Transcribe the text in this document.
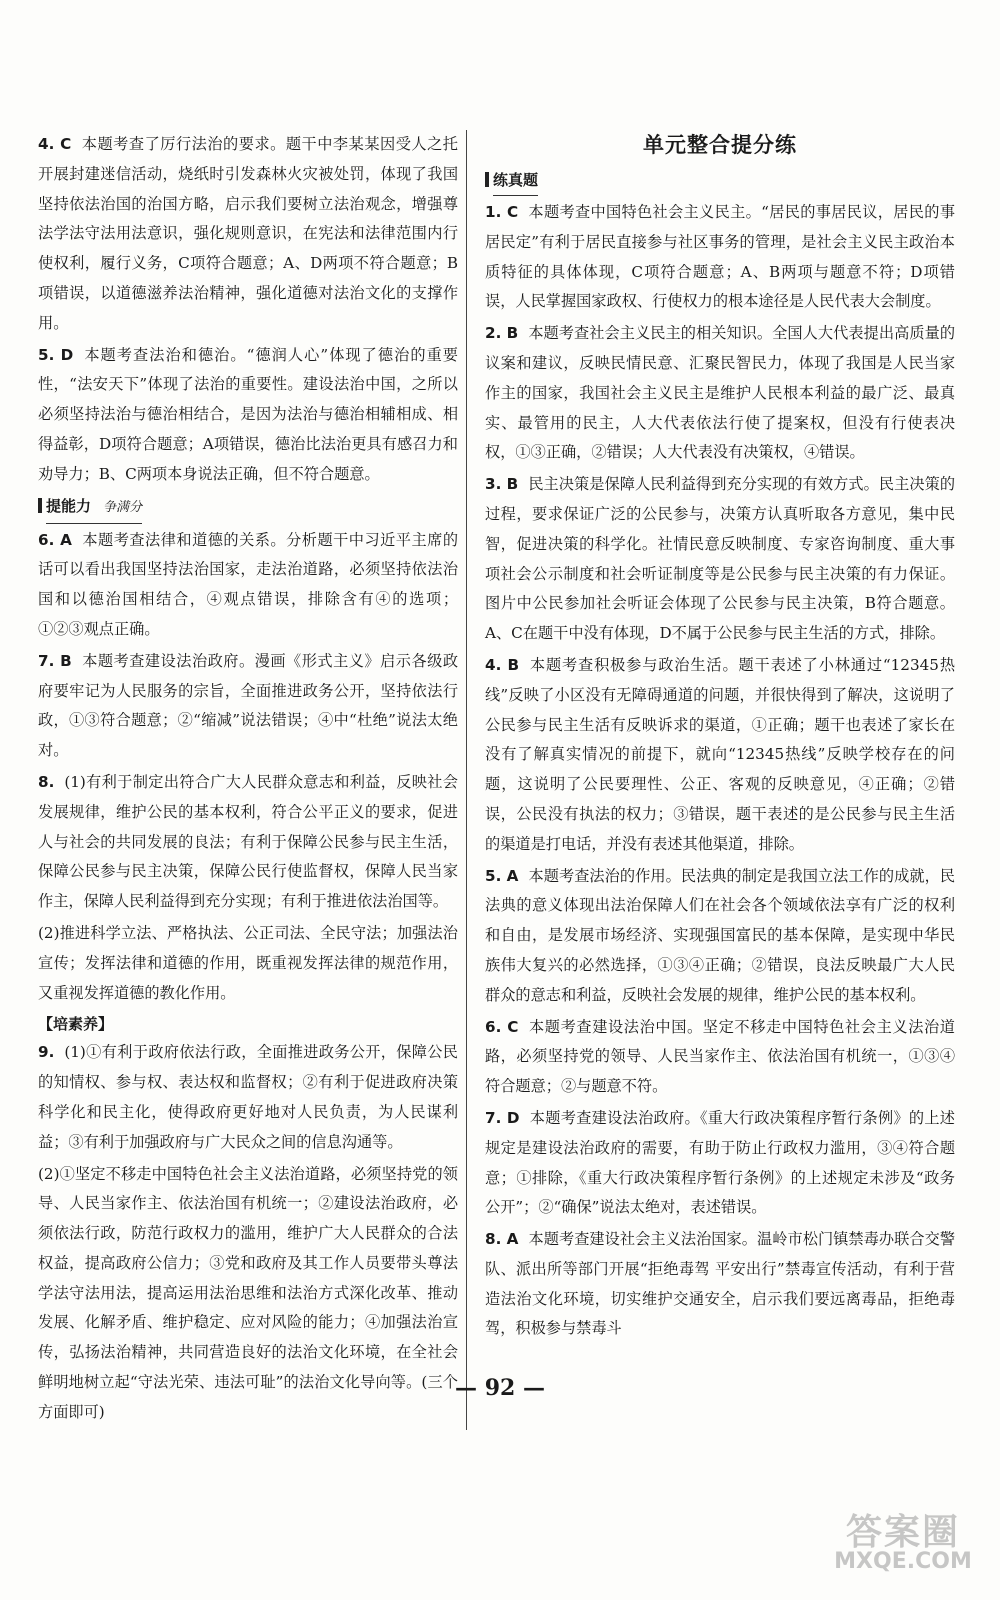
4. C 本题考查了厉行法治的要求。题干中李某某因受人之托开展封建迷信活动，烧纸时引发森林火灾被处罚，体现了我国坚持依法治国的治国方略，启示我们要树立法治观念，增强尊法学法守法用法意识，强化规则意识，在宪法和法律范围内行使权利，履行义务，C项符合题意；A、D两项不符合题意；B项错误，以道德滋养法治精神，强化道德对法治文化的支撑作用。
5. D 本题考查法治和德治。“德润人心”体现了德治的重要性，“法安天下”体现了法治的重要性。建设法治中国，之所以必须坚持法治与德治相结合，是因为法治与德治相辅相成、相得益彰，D项符合题意；A项错误，德治比法治更具有感召力和劝导力；B、C两项本身说法正确，但不符合题意。
提能力 争满分
6. A 本题考查法律和道德的关系。分析题干中习近平主席的话可以看出我国坚持法治国家，走法治道路，必须坚持依法治国和以德治国相结合，④观点错误，排除含有④的选项；①②③观点正确。
7. B 本题考查建设法治政府。漫画《形式主义》启示各级政府要牢记为人民服务的宗旨，全面推进政务公开，坚持依法行政，①③符合题意；②“缩减”说法错误；④中“杜绝”说法太绝对。
8. (1)有利于制定出符合广大人民群众意志和利益，反映社会发展规律，维护公民的基本权利，符合公平正义的要求，促进人与社会的共同发展的良法；有利于保障公民参与民主生活，保障公民参与民主决策，保障公民行使监督权，保障人民当家作主，保障人民利益得到充分实现；有利于推进依法治国等。
(2)推进科学立法、严格执法、公正司法、全民守法；加强法治宣传；发挥法律和道德的作用，既重视发挥法律的规范作用，又重视发挥道德的教化作用。
【培素养】
9. (1)①有利于政府依法行政，全面推进政务公开，保障公民的知情权、参与权、表达权和监督权；②有利于促进政府决策科学化和民主化，使得政府更好地对人民负责，为人民谋利益；③有利于加强政府与广大民众之间的信息沟通等。
(2)①坚定不移走中国特色社会主义法治道路，必须坚持党的领导、人民当家作主、依法治国有机统一；②建设法治政府，必须依法行政，防范行政权力的滥用，维护广大人民群众的合法权益，提高政府公信力；③党和政府及其工作人员要带头尊法学法守法用法，提高运用法治思维和法治方式深化改革、推动发展、化解矛盾、维护稳定、应对风险的能力；④加强法治宣传，弘扬法治精神，共同营造良好的法治文化环境，在全社会鲜明地树立起“守法光荣、违法可耻”的法治文化导向等。(三个方面即可)
单元整合提分练
练真题
1. C 本题考查中国特色社会主义民主。“居民的事居民议，居民的事居民定”有利于居民直接参与社区事务的管理，是社会主义民主政治本质特征的具体体现，C项符合题意；A、B两项与题意不符；D项错误，人民掌握国家政权、行使权力的根本途径是人民代表大会制度。
2. B 本题考查社会主义民主的相关知识。全国人大代表提出高质量的议案和建议，反映民情民意、汇聚民智民力，体现了我国是人民当家作主的国家，我国社会主义民主是维护人民根本利益的最广泛、最真实、最管用的民主，人大代表依法行使了提案权，但没有行使表决权，①③正确，②错误；人大代表没有决策权，④错误。
3. B 民主决策是保障人民利益得到充分实现的有效方式。民主决策的过程，要求保证广泛的公民参与，决策方认真听取各方意见，集中民智，促进决策的科学化。社情民意反映制度、专家咨询制度、重大事项社会公示制度和社会听证制度等是公民参与民主决策的有力保证。图片中公民参加社会听证会体现了公民参与民主决策，B符合题意。A、C在题干中没有体现，D不属于公民参与民主生活的方式，排除。
4. B 本题考查积极参与政治生活。题干表述了小林通过“12345热线”反映了小区没有无障碍通道的问题，并很快得到了解决，这说明了公民参与民主生活有反映诉求的渠道，①正确；题干也表述了家长在没有了解真实情况的前提下，就向“12345热线”反映学校存在的问题，这说明了公民要理性、公正、客观的反映意见，④正确；②错误，公民没有执法的权力；③错误，题干表述的是公民参与民主生活的渠道是打电话，并没有表述其他渠道，排除。
5. A 本题考查法治的作用。民法典的制定是我国立法工作的成就，民法典的意义体现出法治保障人们在社会各个领域依法享有广泛的权利和自由，是发展市场经济、实现强国富民的基本保障，是实现中华民族伟大复兴的必然选择，①③④正确；②错误，良法反映最广大人民群众的意志和利益，反映社会发展的规律，维护公民的基本权利。
6. C 本题考查建设法治中国。坚定不移走中国特色社会主义法治道路，必须坚持党的领导、人民当家作主、依法治国有机统一，①③④符合题意；②与题意不符。
7. D 本题考查建设法治政府。《重大行政决策程序暂行条例》的上述规定是建设法治政府的需要，有助于防止行政权力滥用，③④符合题意；①排除，《重大行政决策程序暂行条例》的上述规定未涉及“政务公开”；②“确保”说法太绝对，表述错误。
8. A 本题考查建设社会主义法治国家。温岭市松门镇禁毒办联合交警队、派出所等部门开展“拒绝毒驾 平安出行”禁毒宣传活动，有利于营造法治文化环境，切实维护交通安全，启示我们要远离毒品，拒绝毒驾，积极参与禁毒斗
— 92 —
答案圈
MXQE.COM
